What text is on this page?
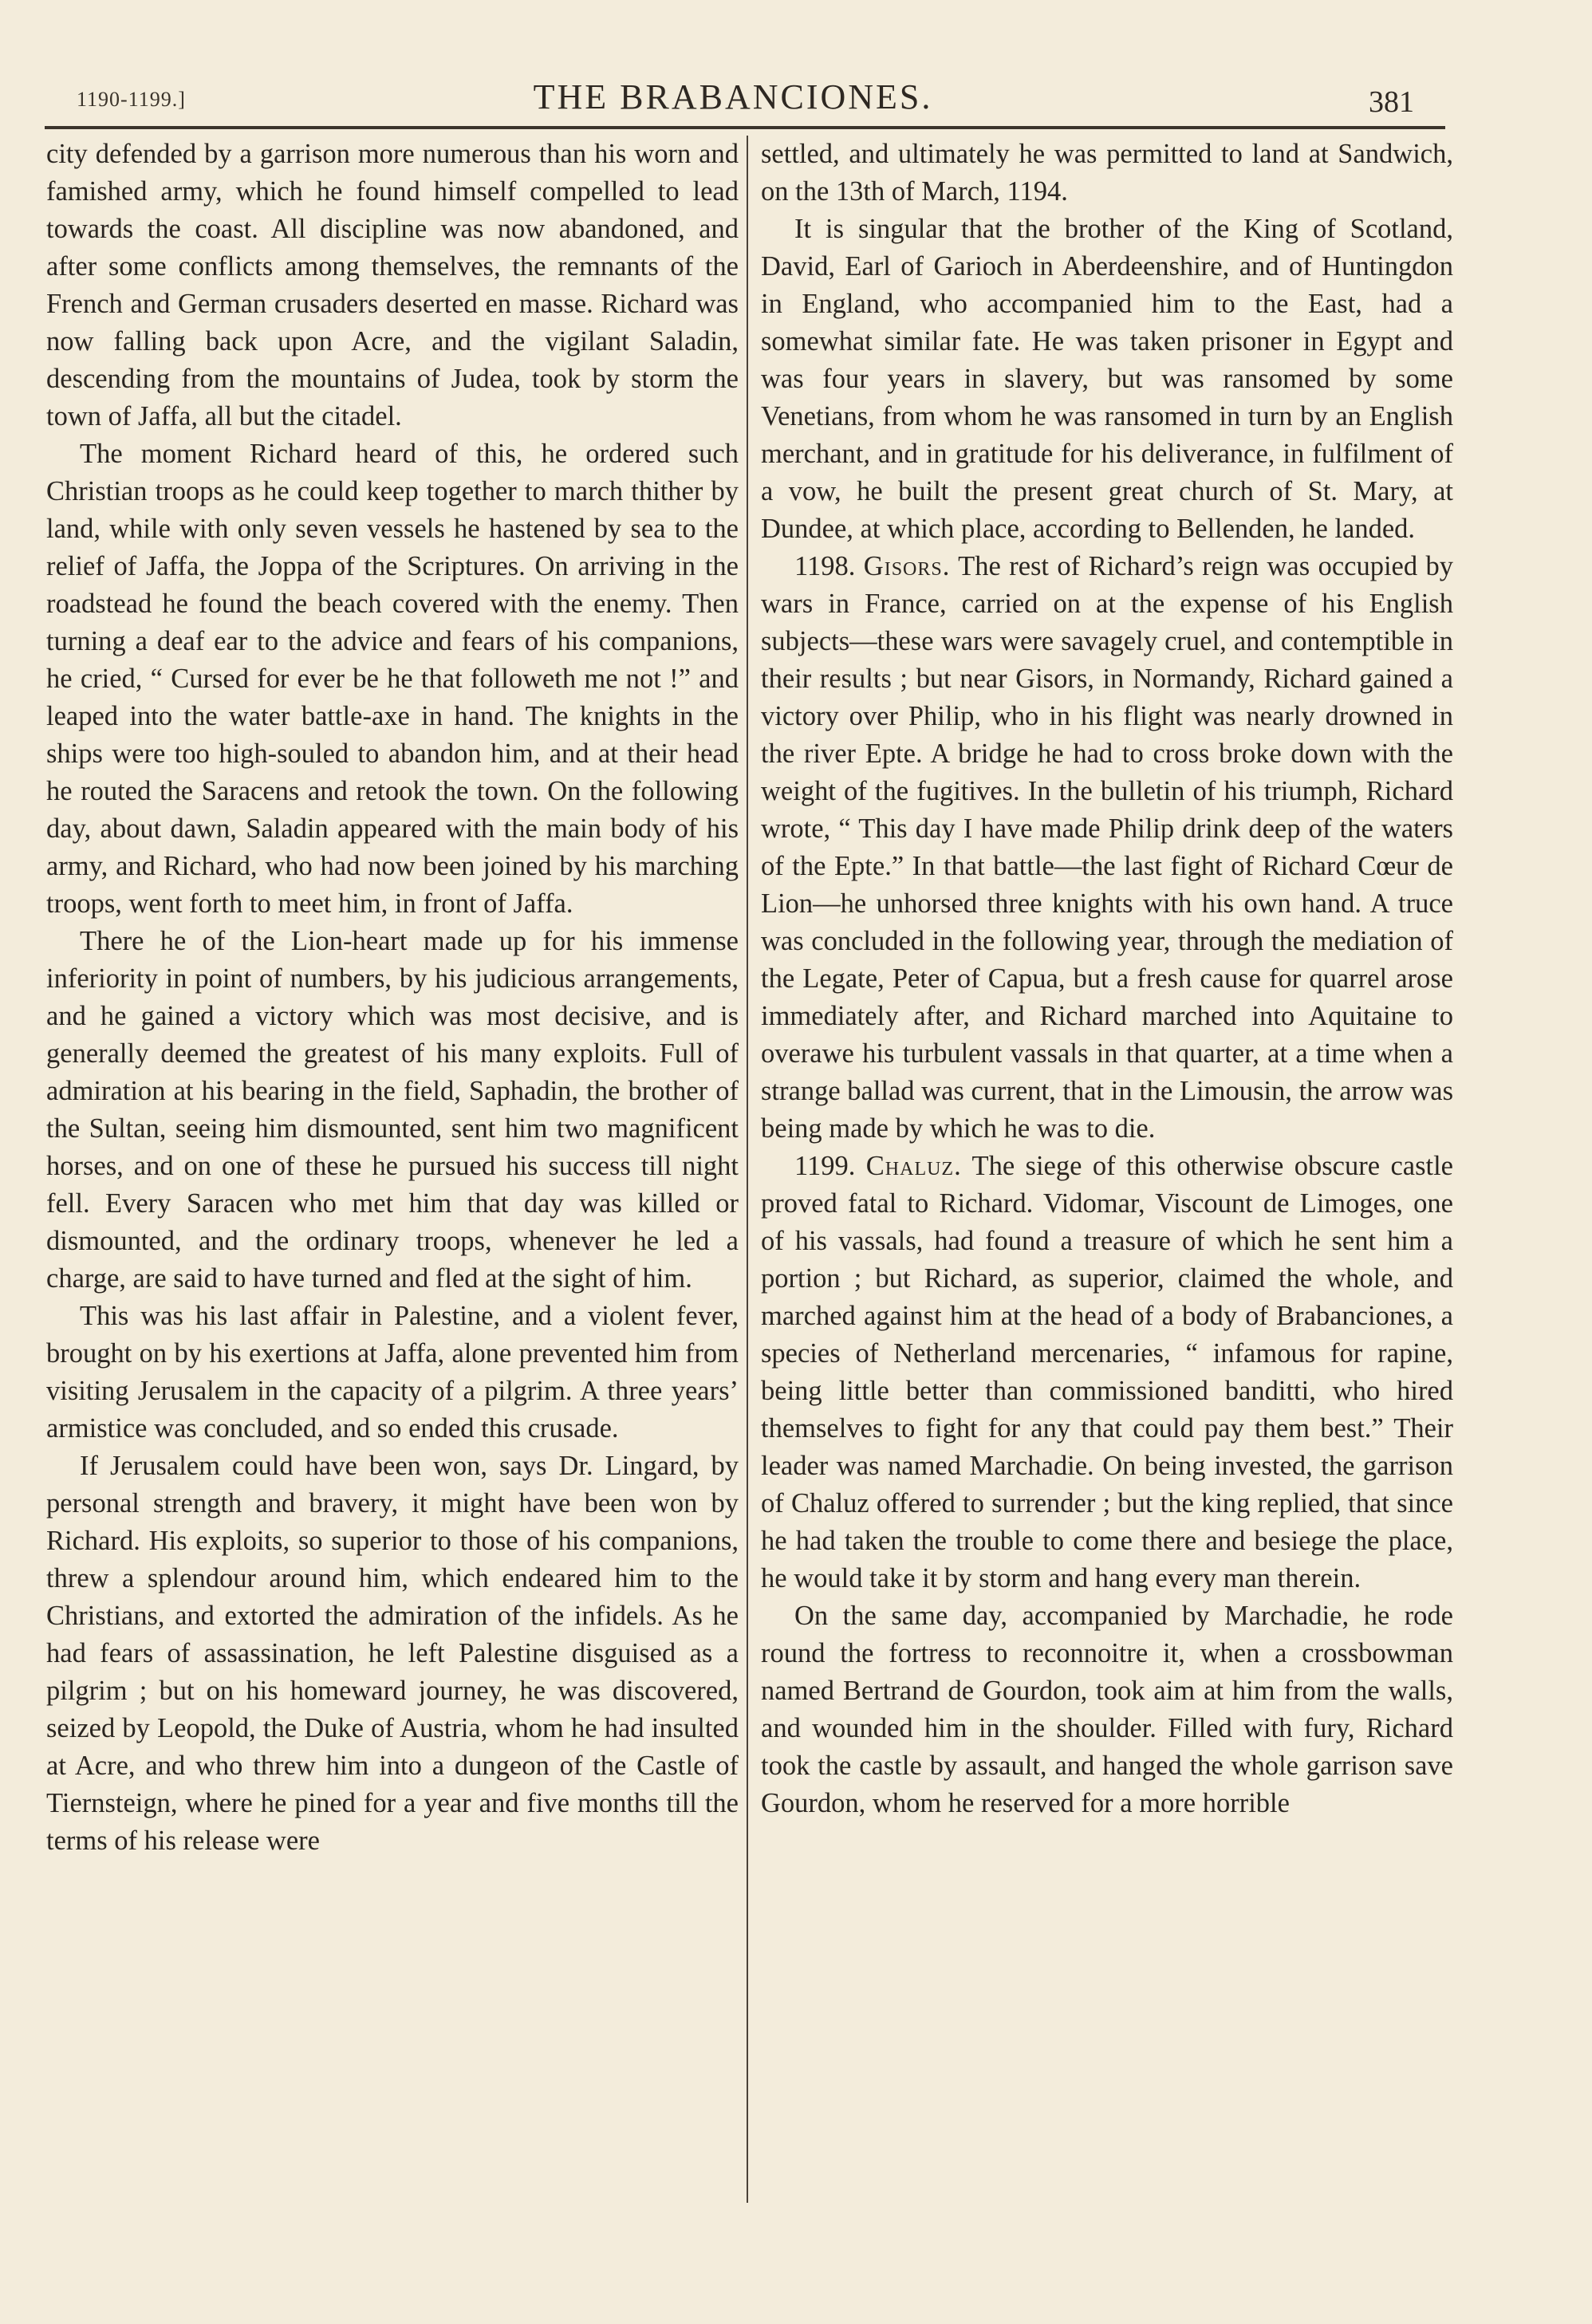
1190-1199.]	THE BRABANCIONES.	381

city defended by a garrison more numerous than his worn and famished army, which he found himself compelled to lead towards the coast. All discipline was now abandoned, and after some conflicts among themselves, the remnants of the French and German crusaders deserted en masse. Richard was now falling back upon Acre, and the vigilant Saladin, descending from the mountains of Judea, took by storm the town of Jaffa, all but the citadel.

The moment Richard heard of this, he ordered such Christian troops as he could keep together to march thither by land, while with only seven vessels he hastened by sea to the relief of Jaffa, the Joppa of the Scriptures. On arriving in the roadstead he found the beach covered with the enemy. Then turning a deaf ear to the advice and fears of his companions, he cried, “ Cursed for ever be he that followeth me not !” and leaped into the water battle-axe in hand. The knights in the ships were too high-souled to abandon him, and at their head he routed the Saracens and retook the town. On the following day, about dawn, Saladin appeared with the main body of his army, and Richard, who had now been joined by his marching troops, went forth to meet him, in front of Jaffa.

There he of the Lion-heart made up for his immense inferiority in point of numbers, by his judicious arrangements, and he gained a victory which was most decisive, and is generally deemed the greatest of his many exploits. Full of admiration at his bearing in the field, Saphadin, the brother of the Sultan, seeing him dismounted, sent him two magnificent horses, and on one of these he pursued his success till night fell. Every Saracen who met him that day was killed or dismounted, and the ordinary troops, whenever he led a charge, are said to have turned and fled at the sight of him.

This was his last affair in Palestine, and a violent fever, brought on by his exertions at Jaffa, alone prevented him from visiting Jerusalem in the capacity of a pilgrim. A three years’ armistice was concluded, and so ended this crusade.

If Jerusalem could have been won, says Dr. Lingard, by personal strength and bravery, it might have been won by Richard. His exploits, so superior to those of his companions, threw a splendour around him, which endeared him to the Christians, and extorted the admiration of the infidels. As he had fears of assassination, he left Palestine disguised as a pilgrim ; but on his homeward journey, he was discovered, seized by Leopold, the Duke of Austria, whom he had insulted at Acre, and who threw him into a dungeon of the Castle of Tiernsteign, where he pined for a year and five months till the terms of his release were

settled, and ultimately he was permitted to land at Sandwich, on the 13th of March, 1194.

It is singular that the brother of the King of Scotland, David, Earl of Garioch in Aberdeenshire, and of Huntingdon in England, who accompanied him to the East, had a somewhat similar fate. He was taken prisoner in Egypt and was four years in slavery, but was ransomed by some Venetians, from whom he was ransomed in turn by an English merchant, and in gratitude for his deliverance, in fulfilment of a vow, he built the present great church of St. Mary, at Dundee, at which place, according to Bellenden, he landed.

1198. Gisors. The rest of Richard’s reign was occupied by wars in France, carried on at the expense of his English subjects—these wars were savagely cruel, and contemptible in their results ; but near Gisors, in Normandy, Richard gained a victory over Philip, who in his flight was nearly drowned in the river Epte. A bridge he had to cross broke down with the weight of the fugitives. In the bulletin of his triumph, Richard wrote, “ This day I have made Philip drink deep of the waters of the Epte.” In that battle—the last fight of Richard Cœur de Lion—he unhorsed three knights with his own hand. A truce was concluded in the following year, through the mediation of the Legate, Peter of Capua, but a fresh cause for quarrel arose immediately after, and Richard marched into Aquitaine to overawe his turbulent vassals in that quarter, at a time when a strange ballad was current, that in the Limousin, the arrow was being made by which he was to die.

1199. Chaluz. The siege of this otherwise obscure castle proved fatal to Richard. Vidomar, Viscount de Limoges, one of his vassals, had found a treasure of which he sent him a portion ; but Richard, as superior, claimed the whole, and marched against him at the head of a body of Brabanciones, a species of Netherland mercenaries, “ infamous for rapine, being little better than commissioned banditti, who hired themselves to fight for any that could pay them best.” Their leader was named Marchadie. On being invested, the garrison of Chaluz offered to surrender ; but the king replied, that since he had taken the trouble to come there and besiege the place, he would take it by storm and hang every man therein.

On the same day, accompanied by Marchadie, he rode round the fortress to reconnoitre it, when a crossbowman named Bertrand de Gourdon, took aim at him from the walls, and wounded him in the shoulder. Filled with fury, Richard took the castle by assault, and hanged the whole garrison save Gourdon, whom he reserved for a more horrible
